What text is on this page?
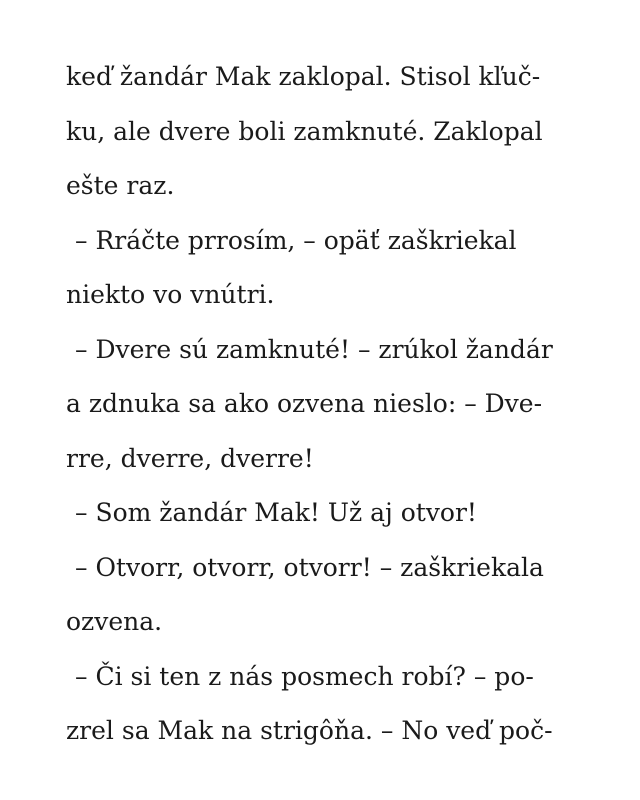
keď žandár Mak zaklopal. Stisol kľuč-
ku, ale dvere boli zamknuté. Zaklopal
ešte raz.
– Rráčte prrosím, – opäť zaškriekal
niekto vo vnútri.
– Dvere sú zamknuté! – zrúkol žandár
a zdnuka sa ako ozvena nieslo: – Dve-
rre, dverre, dverre!
– Som žandár Mak! Už aj otvor!
– Otvorr, otvorr, otvorr! – zaškriekala
ozvena.
– Či si ten z nás posmech robí? – po-
zrel sa Mak na strigôňa. – No veď poč-
